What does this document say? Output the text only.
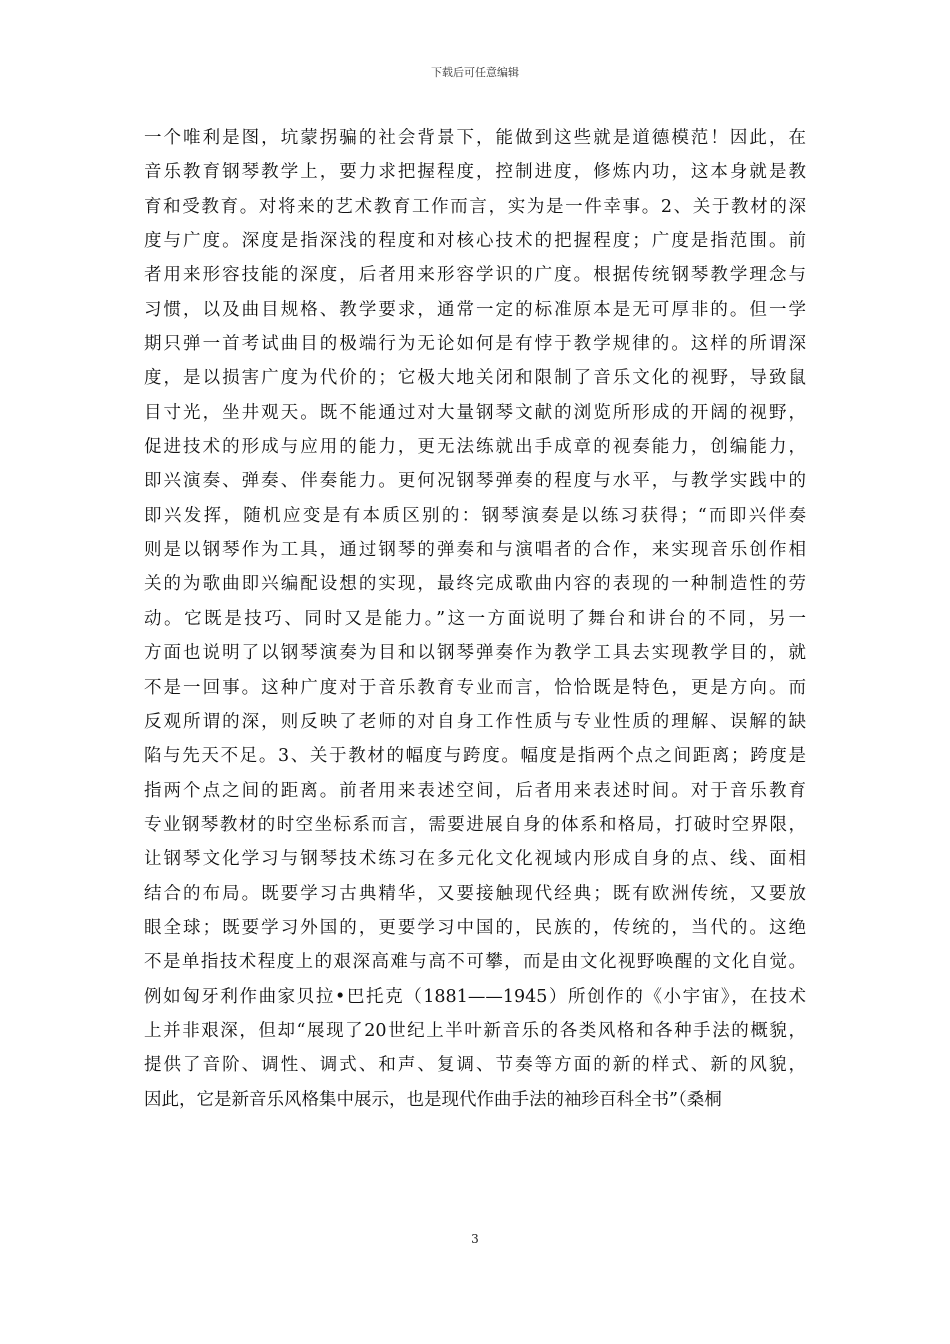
下载后可任意编辑
一个唯利是图，坑蒙拐骗的社会背景下，能做到这些就是道德模范！因此，在
音乐教育钢琴教学上，要力求把握程度，控制进度，修炼内功，这本身就是教
育和受教育。对将来的艺术教育工作而言，实为是一件幸事。2、关于教材的深
度与广度。深度是指深浅的程度和对核心技术的把握程度；广度是指范围。前
者用来形容技能的深度，后者用来形容学识的广度。根据传统钢琴教学理念与
习惯，以及曲目规格、教学要求，通常一定的标准原本是无可厚非的。但一学
期只弹一首考试曲目的极端行为无论如何是有悖于教学规律的。这样的所谓深
度，是以损害广度为代价的；它极大地关闭和限制了音乐文化的视野，导致鼠
目寸光，坐井观天。既不能通过对大量钢琴文献的浏览所形成的开阔的视野，
促进技术的形成与应用的能力，更无法练就出手成章的视奏能力，创编能力，
即兴演奏、弹奏、伴奏能力。更何况钢琴弹奏的程度与水平，与教学实践中的
即兴发挥，随机应变是有本质区别的：钢琴演奏是以练习获得；“而即兴伴奏
则是以钢琴作为工具，通过钢琴的弹奏和与演唱者的合作，来实现音乐创作相
关的为歌曲即兴编配设想的实现，最终完成歌曲内容的表现的一种制造性的劳
动。它既是技巧、同时又是能力。”这一方面说明了舞台和讲台的不同，另一
方面也说明了以钢琴演奏为目和以钢琴弹奏作为教学工具去实现教学目的，就
不是一回事。这种广度对于音乐教育专业而言，恰恰既是特色，更是方向。而
反观所谓的深，则反映了老师的对自身工作性质与专业性质的理解、误解的缺
陷与先天不足。3、关于教材的幅度与跨度。幅度是指两个点之间距离；跨度是
指两个点之间的距离。前者用来表述空间，后者用来表述时间。对于音乐教育
专业钢琴教材的时空坐标系而言，需要进展自身的体系和格局，打破时空界限，
让钢琴文化学习与钢琴技术练习在多元化文化视域内形成自身的点、线、面相
结合的布局。既要学习古典精华，又要接触现代经典；既有欧洲传统，又要放
眼全球；既要学习外国的，更要学习中国的，民族的，传统的，当代的。这绝
不是单指技术程度上的艰深高难与高不可攀，而是由文化视野唤醒的文化自觉。
例如匈牙利作曲家贝拉•巴托克（1881——1945）所创作的《小宇宙》，在技术
上并非艰深，但却“展现了20世纪上半叶新音乐的各类风格和各种手法的概貌，
提供了音阶、调性、调式、和声、复调、节奏等方面的新的样式、新的风貌，
因此，它是新音乐风格集中展示，也是现代作曲手法的袖珍百科全书”（桑桐
3
